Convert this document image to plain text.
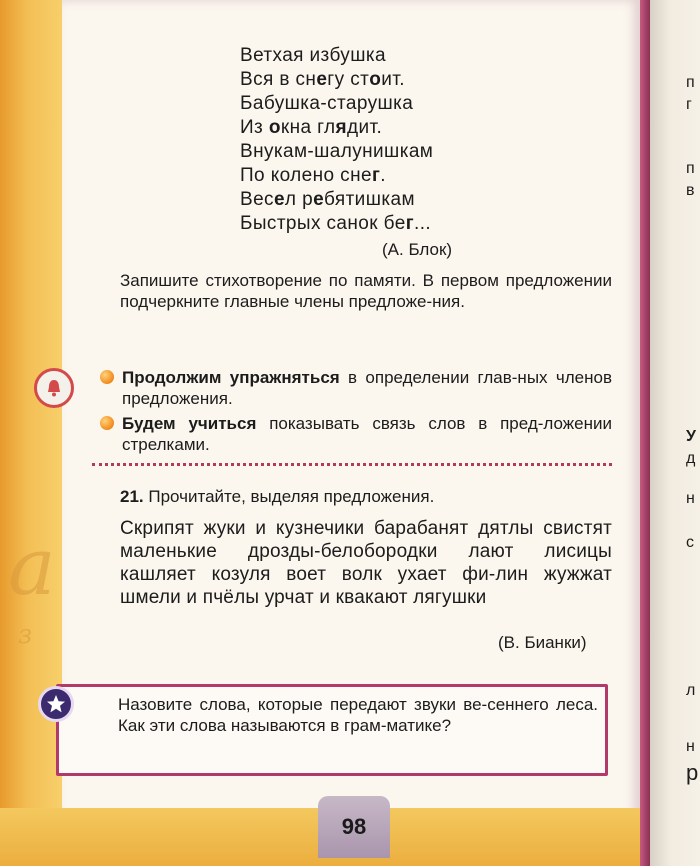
а
з
п
г
п
в
У
д
н
с
л
н
р
Ветхая избушка
Вся в снегу стоит.
Бабушка-старушка
Из окна глядит.
Внукам-шалунишкам
По колено снег.
Весел ребятишкам
Быстрых санок бег...
(А. Блок)
Запишите стихотворение по памяти. В первом предложении подчеркните главные члены предложе-ния.
Продолжим упражняться в определении глав-ных членов предложения.
Будем учиться показывать связь слов в пред-ложении стрелками.
21. Прочитайте, выделяя предложения.
Скрипят жуки и кузнечики барабанят дятлы свистят маленькие дрозды-белобородки лают лисицы кашляет козуля воет волк ухает фи-лин жужжат шмели и пчёлы урчат и квакают лягушки
(В. Бианки)
Назовите слова, которые передают звуки ве-сеннего леса. Как эти слова называются в грам-матике?
98
